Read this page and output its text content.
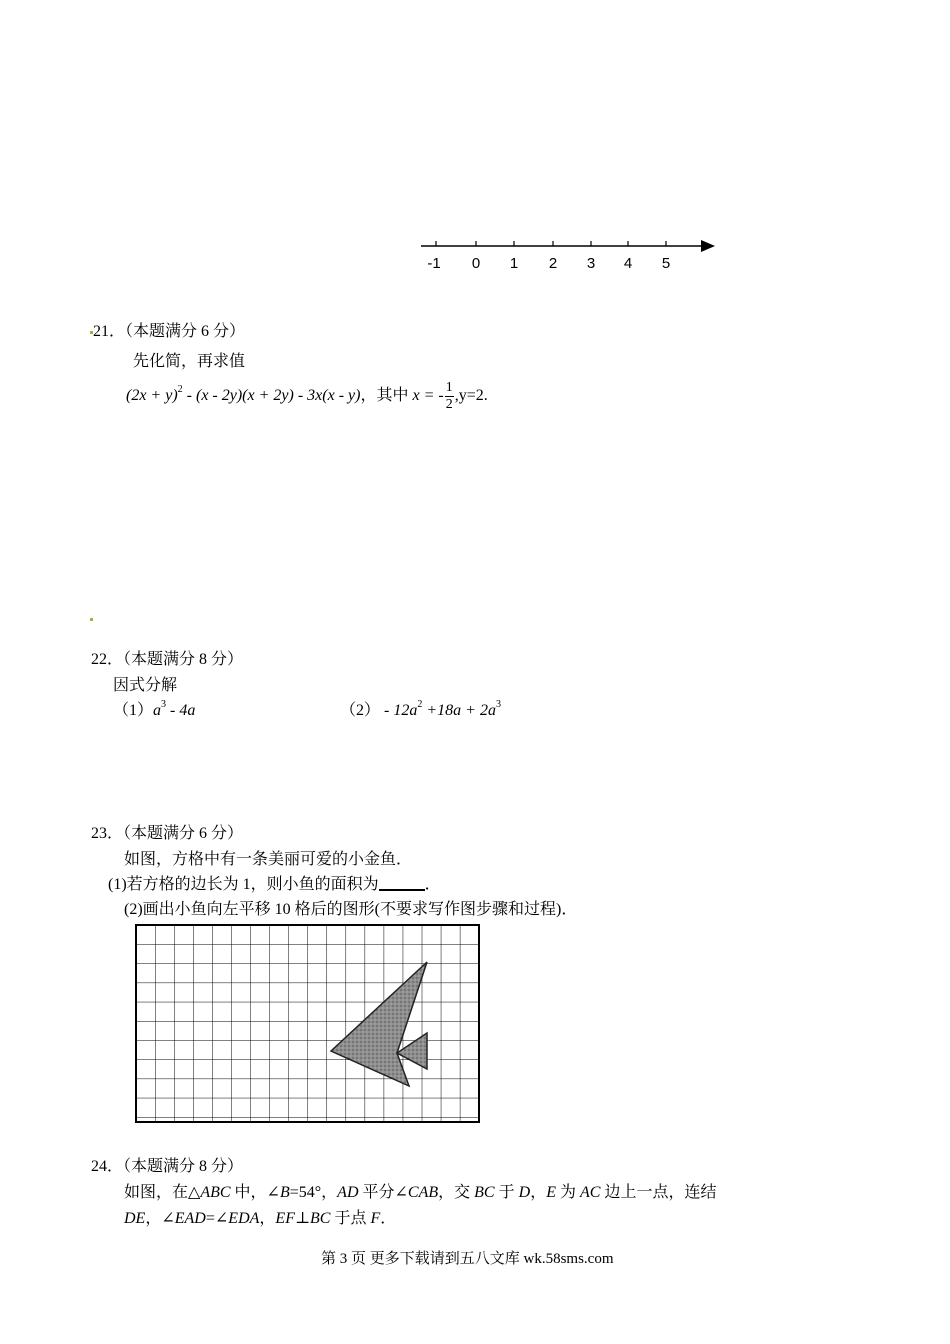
-1 0 1 2 3 4 5
21．（本题满分 6 分）
先化简，再求值
$(2x + y)^2 - (x - 2y)(x + 2y) - 3x(x - y)$，其中 x = - $\frac{1}{2} ,y=2$.
22．（本题满分 8 分）
因式分解
$(1)a^3 - 4a$	$(2) - 12a^2 +18a + 2a^3$
23．（本题满分 6 分）
如图，方格中有一条美丽可爱的小金鱼．
(1)若方格的边长为 1，则小鱼的面积为	．
(2)画出小鱼向左平移 10 格后的图形(不要求写作图步骤和过程)．
24．（本题满分 8 分）
如图，在△ABC 中，∠B=54°，AD 平分∠CAB，交 BC 于 D，E 为 AC 边上一点，连结
DE，∠EAD=∠EDA，EF⊥BC 于点 F．
第 3 页 更多下载请到五八文库 wk.58sms.com
